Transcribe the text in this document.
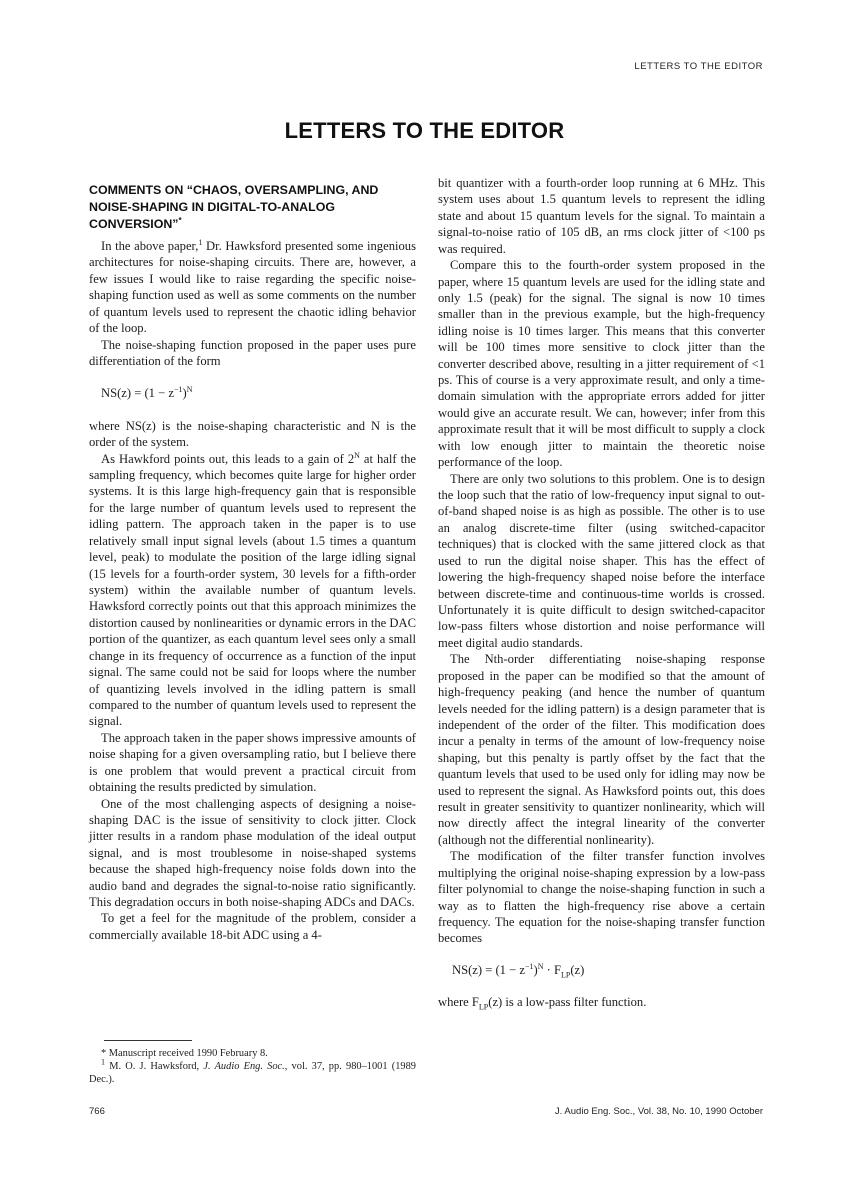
LETTERS TO THE EDITOR
LETTERS TO THE EDITOR
COMMENTS ON “CHAOS, OVERSAMPLING, AND NOISE-SHAPING IN DIGITAL-TO-ANALOG CONVERSION”*

In the above paper,$^1$ Dr. Hawksford presented some ingenious architectures for noise-shaping circuits. There are, however, a few issues I would like to raise regarding the specific noise-shaping function used as well as some comments on the number of quantum levels used to represent the chaotic idling behavior of the loop.

The noise-shaping function proposed in the paper uses pure differentiation of the form

$NS(z) = (1 - z^{-1})^N$

where NS(z) is the noise-shaping characteristic and N is the order of the system.

As Hawkford points out, this leads to a gain of $2^N$ at half the sampling frequency, which becomes quite large for higher order systems. It is this large high-frequency gain that is responsible for the large number of quantum levels used to represent the idling pattern. The approach taken in the paper is to use relatively small input signal levels (about 1.5 times a quantum level, peak) to modulate the position of the large idling signal (15 levels for a fourth-order system, 30 levels for a fifth-order system) within the available number of quantum levels. Hawksford correctly points out that this approach minimizes the distortion caused by nonlinearities or dynamic errors in the DAC portion of the quantizer, as each quantum level sees only a small change in its frequency of occurrence as a function of the input signal. The same could not be said for loops where the number of quantizing levels involved in the idling pattern is small compared to the number of quantum levels used to represent the signal.

The approach taken in the paper shows impressive amounts of noise shaping for a given oversampling ratio, but I believe there is one problem that would prevent a practical circuit from obtaining the results predicted by simulation.

One of the most challenging aspects of designing a noise-shaping DAC is the issue of sensitivity to clock jitter. Clock jitter results in a random phase modulation of the ideal output signal, and is most troublesome in noise-shaped systems because the shaped high-frequency noise folds down into the audio band and degrades the signal-to-noise ratio significantly. This degradation occurs in both noise-shaping ADCs and DACs.

To get a feel for the magnitude of the problem, consider a commercially available 18-bit ADC using a 4-

bit quantizer with a fourth-order loop running at 6 MHz. This system uses about 1.5 quantum levels to represent the idling state and about 15 quantum levels for the signal. To maintain a signal-to-noise ratio of 105 dB, an rms clock jitter of <100 ps was required.

Compare this to the fourth-order system proposed in the paper, where 15 quantum levels are used for the idling state and only 1.5 (peak) for the signal. The signal is now 10 times smaller than in the previous example, but the high-frequency idling noise is 10 times larger. This means that this converter will be 100 times more sensitive to clock jitter than the converter described above, resulting in a jitter requirement of <1 ps. This of course is a very approximate result, and only a time-domain simulation with the appropriate errors added for jitter would give an accurate result. We can, however; infer from this approximate result that it will be most difficult to supply a clock with low enough jitter to maintain the theoretic noise performance of the loop.

There are only two solutions to this problem. One is to design the loop such that the ratio of low-frequency input signal to out-of-band shaped noise is as high as possible. The other is to use an analog discrete-time filter (using switched-capacitor techniques) that is clocked with the same jittered clock as that used to run the digital noise shaper. This has the effect of lowering the high-frequency shaped noise before the interface between discrete-time and continuous-time worlds is crossed. Unfortunately it is quite difficult to design switched-capacitor low-pass filters whose distortion and noise performance will meet digital audio standards.

The Nth-order differentiating noise-shaping response proposed in the paper can be modified so that the amount of high-frequency peaking (and hence the number of quantum levels needed for the idling pattern) is a design parameter that is independent of the order of the filter. This modification does incur a penalty in terms of the amount of low-frequency noise shaping, but this penalty is partly offset by the fact that the quantum levels that used to be used only for idling may now be used to represent the signal. As Hawksford points out, this does result in greater sensitivity to quantizer nonlinearity, which will now directly affect the integral linearity of the converter (although not the differential nonlinearity).

The modification of the filter transfer function involves multiplying the original noise-shaping expression by a low-pass filter polynomial to change the noise-shaping function in such a way as to flatten the high-frequency rise above a certain frequency. The equation for the noise-shaping transfer function becomes

$NS(z) = (1 - z^{-1})^N \cdot F_{LP}(z)$

where $F_{LP}(z)$ is a low-pass filter function.

* Manuscript received 1990 February 8.

$^1$ M. O. J. Hawksford, J. Audio Eng. Soc., vol. 37, pp. 980–1001 (1989 Dec.).

766	J. Audio Eng. Soc., Vol. 38, No. 10, 1990 October
